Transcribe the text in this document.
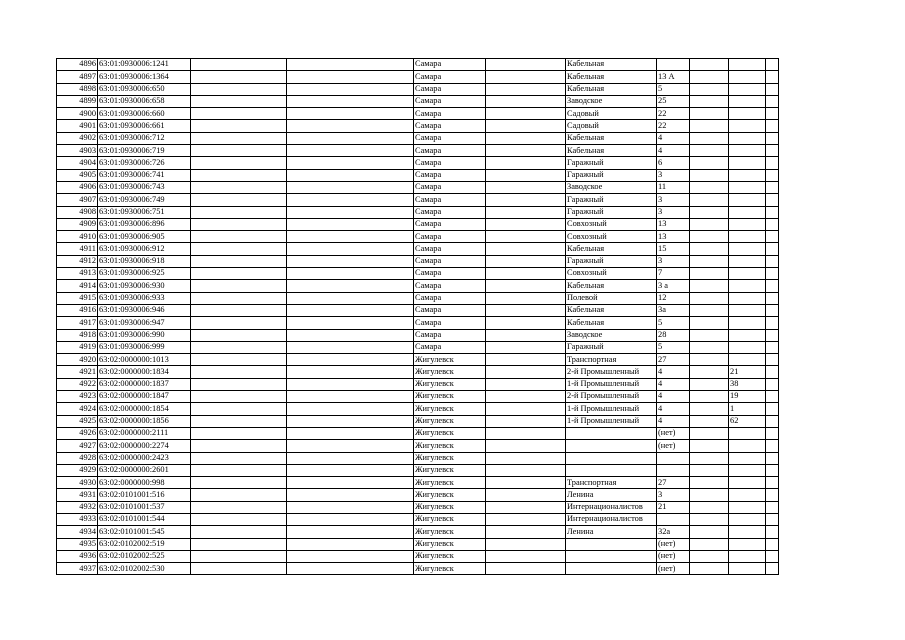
4896	63:01:0930006:1241			Самара		Кабельная				
4897	63:01:0930006:1364			Самара		Кабельная	13 А			
4898	63:01:0930006:650			Самара		Кабельная	5			
4899	63:01:0930006:658			Самара		Заводское	25			
4900	63:01:0930006:660			Самара		Садовый	22			
4901	63:01:0930006:661			Самара		Садовый	22			
4902	63:01:0930006:712			Самара		Кабельная	4			
4903	63:01:0930006:719			Самара		Кабельная	4			
4904	63:01:0930006:726			Самара		Гаражный	6			
4905	63:01:0930006:741			Самара		Гаражный	3			
4906	63:01:0930006:743			Самара		Заводское	11			
4907	63:01:0930006:749			Самара		Гаражный	3			
4908	63:01:0930006:751			Самара		Гаражный	3			
4909	63:01:0930006:896			Самара		Совхозный	13			
4910	63:01:0930006:905			Самара		Совхозный	13			
4911	63:01:0930006:912			Самара		Кабельная	15			
4912	63:01:0930006:918			Самара		Гаражный	3			
4913	63:01:0930006:925			Самара		Совхозный	7			
4914	63:01:0930006:930			Самара		Кабельная	3 а			
4915	63:01:0930006:933			Самара		Полевой	12			
4916	63:01:0930006:946			Самара		Кабельная	3а			
4917	63:01:0930006:947			Самара		Кабельная	5			
4918	63:01:0930006:990			Самара		Заводское	28			
4919	63:01:0930006:999			Самара		Гаражный	5			
4920	63:02:0000000:1013			Жигулевск		Транспортная	27			
4921	63:02:0000000:1834			Жигулевск		2-й Промышленный	4		21	
4922	63:02:0000000:1837			Жигулевск		1-й Промышленный	4		38	
4923	63:02:0000000:1847			Жигулевск		2-й Промышленный	4		19	
4924	63:02:0000000:1854			Жигулевск		1-й Промышленный	4		1	
4925	63:02:0000000:1856			Жигулевск		1-й Промышленный	4		62	
4926	63:02:0000000:2111			Жигулевск			(нет)			
4927	63:02:0000000:2274			Жигулевск			(нет)			
4928	63:02:0000000:2423			Жигулевск						
4929	63:02:0000000:2601			Жигулевск						
4930	63:02:0000000:998			Жигулевск		Транспортная	27			
4931	63:02:0101001:516			Жигулевск		Ленина	3			
4932	63:02:0101001:537			Жигулевск		Интернационалистов	21			
4933	63:02:0101001:544			Жигулевск		Интернационалистов				
4934	63:02:0101001:545			Жигулевск		Ленина	32а			
4935	63:02:0102002:519			Жигулевск			(нет)			
4936	63:02:0102002:525			Жигулевск			(нет)			
4937	63:02:0102002:530			Жигулевск			(нет)			
